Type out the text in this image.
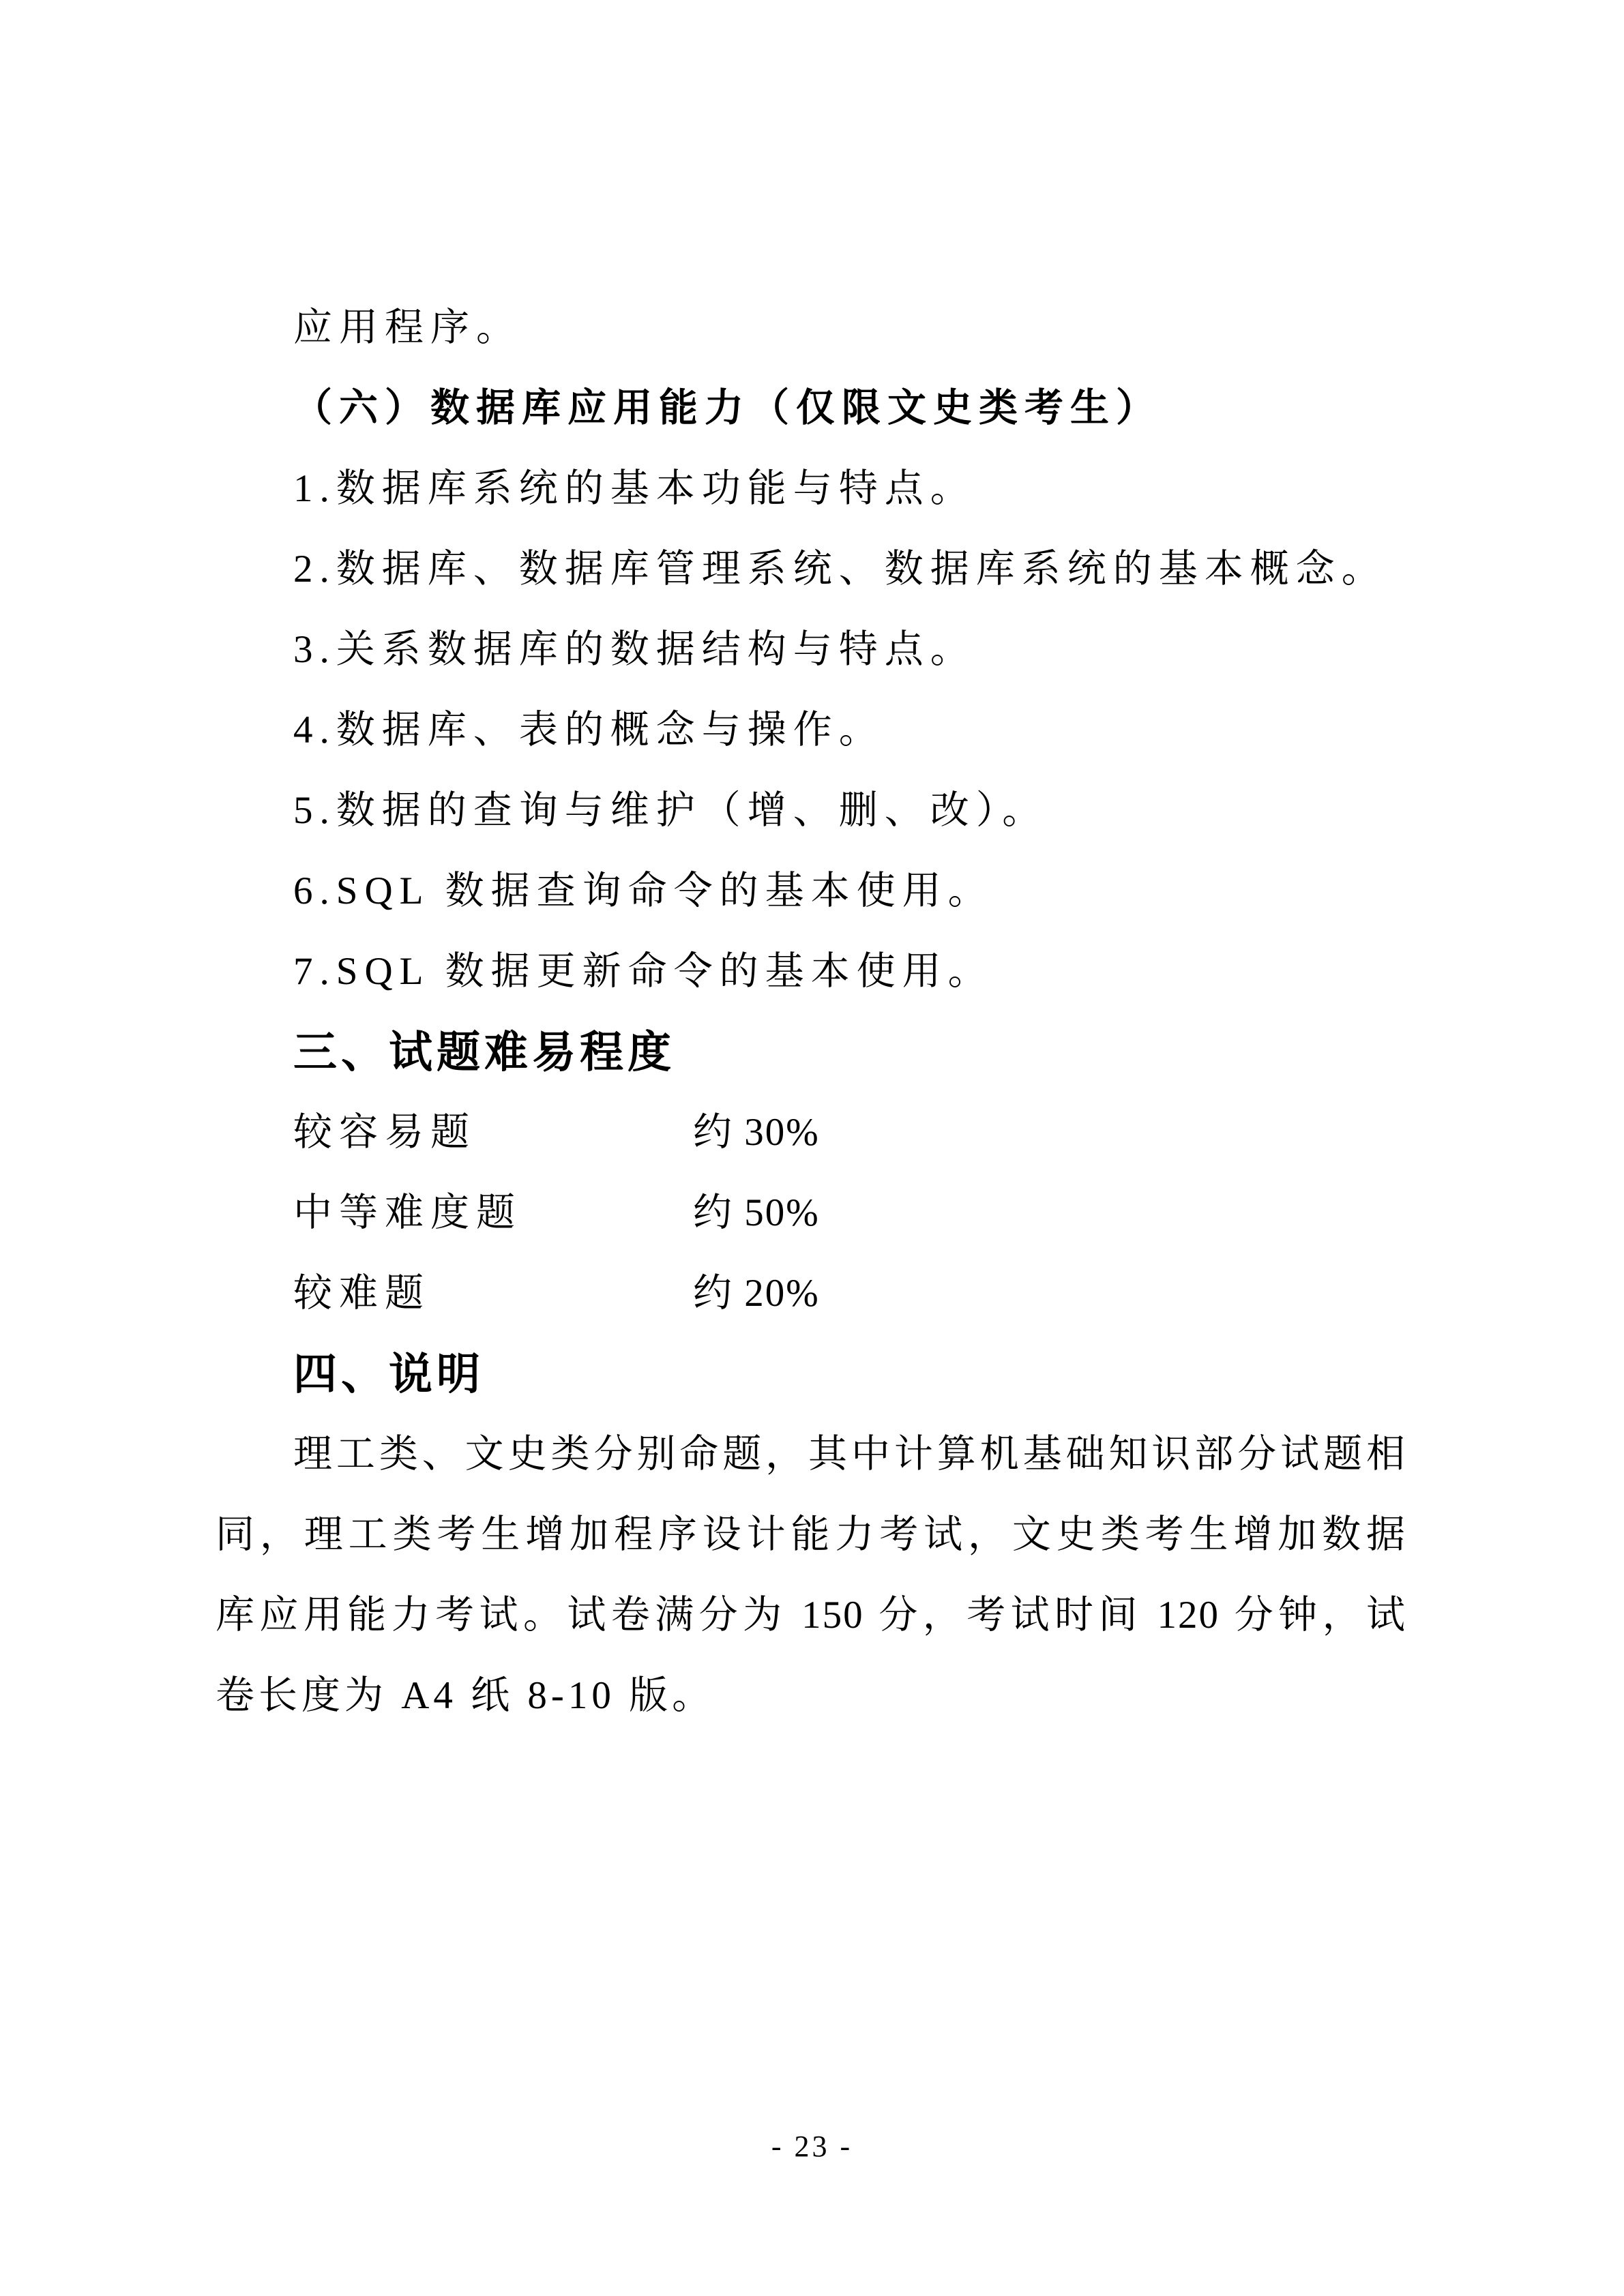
应用程序。
（六）数据库应用能力（仅限文史类考生）
1.数据库系统的基本功能与特点。
2.数据库、数据库管理系统、数据库系统的基本概念。
3.关系数据库的数据结构与特点。
4.数据库、表的概念与操作。
5.数据的查询与维护（增、删、改）。
6.SQL 数据查询命令的基本使用。
7.SQL 数据更新命令的基本使用。
三、试题难易程度
较容易题	约 30%
中等难度题	约 50%
较难题	约 20%
四、说明
理工类、文史类分别命题，其中计算机基础知识部分试题相
同，理工类考生增加程序设计能力考试，文史类考生增加数据
库应用能力考试。试卷满分为 150 分，考试时间 120 分钟，试
卷长度为 A4 纸 8-10 版。
- 23 -
